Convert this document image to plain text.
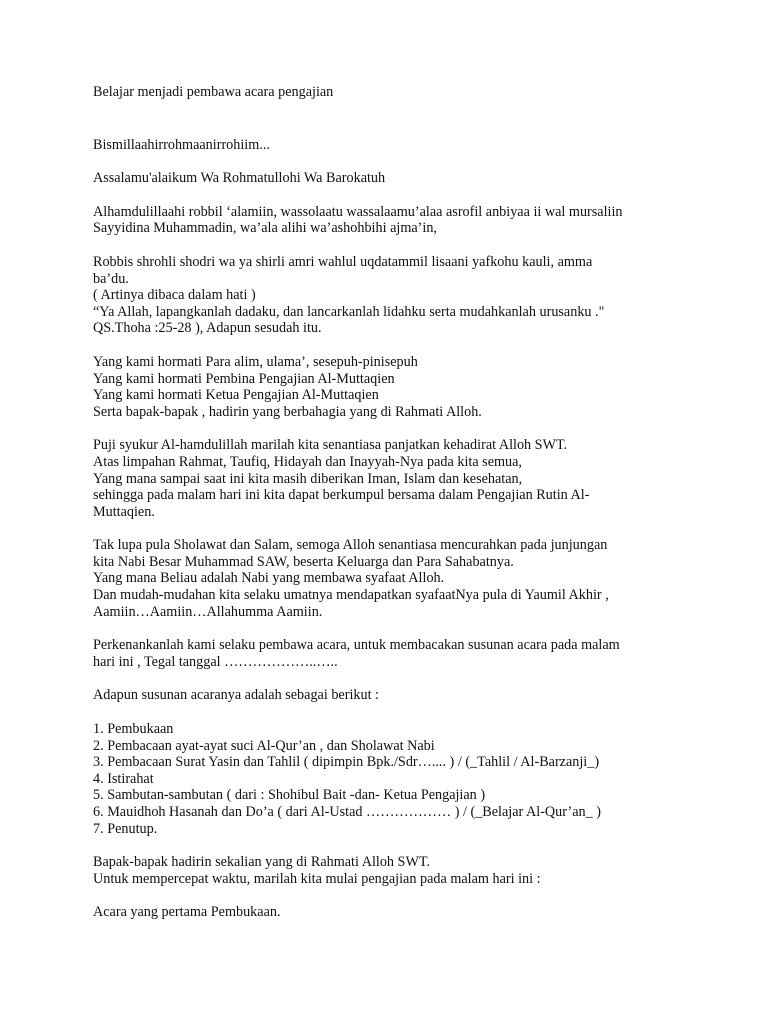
Belajar menjadi pembawa acara pengajian

Bismillaahirrohmaanirrohiim...

Assalamu'alaikum Wa Rohmatullohi Wa Barokatuh

Alhamdulillaahi robbil ‘alamiin, wassolaatu wassalaamu’alaa asrofil anbiyaa ii wal mursaliin
Sayyidina Muhammadin, wa’ala alihi wa’ashohbihi ajma’in,

Robbis shrohli shodri wa ya shirli amri wahlul uqdatammil lisaani yafkohu kauli, amma
ba’du.
( Artinya dibaca dalam hati )
“Ya Allah, lapangkanlah dadaku, dan lancarkanlah lidahku serta mudahkanlah urusanku ."
QS.Thoha :25-28 ), Adapun sesudah itu.

Yang kami hormati Para alim, ulama’, sesepuh-pinisepuh
Yang kami hormati Pembina Pengajian Al-Muttaqien
Yang kami hormati Ketua Pengajian Al-Muttaqien
Serta bapak-bapak , hadirin yang berbahagia yang di Rahmati Alloh.

Puji syukur Al-hamdulillah marilah kita senantiasa panjatkan kehadirat Alloh SWT.
Atas limpahan Rahmat, Taufiq, Hidayah dan Inayyah-Nya pada kita semua,
Yang mana sampai saat ini kita masih diberikan Iman, Islam dan kesehatan,
sehingga pada malam hari ini kita dapat berkumpul bersama dalam Pengajian Rutin Al-
Muttaqien.

Tak lupa pula Sholawat dan Salam, semoga Alloh senantiasa mencurahkan pada junjungan
kita Nabi Besar Muhammad SAW, beserta Keluarga dan Para Sahabatnya.
Yang mana Beliau adalah Nabi yang membawa syafaat Alloh.
Dan mudah-mudahan kita selaku umatnya mendapatkan syafaatNya pula di Yaumil Akhir ,
Aamiin…Aamiin…Allahumma Aamiin.

Perkenankanlah kami selaku pembawa acara, untuk membacakan susunan acara pada malam
hari ini , Tegal tanggal ………………..…..

Adapun susunan acaranya adalah sebagai berikut :

1. Pembukaan
2. Pembacaan ayat-ayat suci Al-Qur’an , dan Sholawat Nabi
3. Pembacaan Surat Yasin dan Tahlil ( dipimpin Bpk./Sdr….... ) / (_Tahlil / Al-Barzanji_)
4. Istirahat
5. Sambutan-sambutan ( dari : Shohibul Bait -dan- Ketua Pengajian )
6. Mauidhoh Hasanah dan Do’a ( dari Al-Ustad ……………… ) / (_Belajar Al-Qur’an_ )
7. Penutup.

Bapak-bapak hadirin sekalian yang di Rahmati Alloh SWT.
Untuk mempercepat waktu, marilah kita mulai pengajian pada malam hari ini :

Acara yang pertama Pembukaan.
